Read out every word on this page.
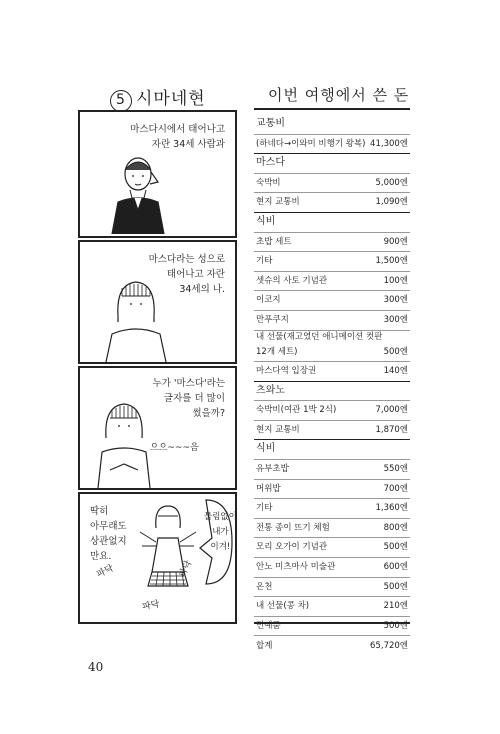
5 시마네현
마스다시에서 태어나고
자란 34세 사람과
마스다라는 성으로
태어나고 자란
34세의 나.
누가 '마스다'라는
글자를 더 많이
썼을까?
으으~~~음
딱히
아무래도
상관없지
만요.
틀림없이
내가
이겨!
파닥	파닥
파닥
이번 여행에서 쓴 돈
교통비
(하네다→이와미 비행기 왕복) 41,300엔
마스다
숙박비	5,000엔
현지 교통비	1,090엔
식비
초밥 세트	900엔
기타	1,500엔
셋슈의 사토 기념관	100엔
이코지	300엔
만푸쿠지	300엔
내 선물(재고였던 애니메이션 컷판
12개 세트)	500엔
마스다역 입장권	140엔
츠와노
숙박비(여관 1박 2식)	7,000엔
현지 교통비	1,870엔
식비
유부초밥	550엔
머위밥	700엔
기타	1,360엔
전통 종이 뜨기 체험	800엔
모리 오가이 기념관	500엔
안노 미츠마사 미술관	600엔
온천	500엔
내 선물(콩 차)	210엔
민예품	500엔
합계	65,720엔
40
